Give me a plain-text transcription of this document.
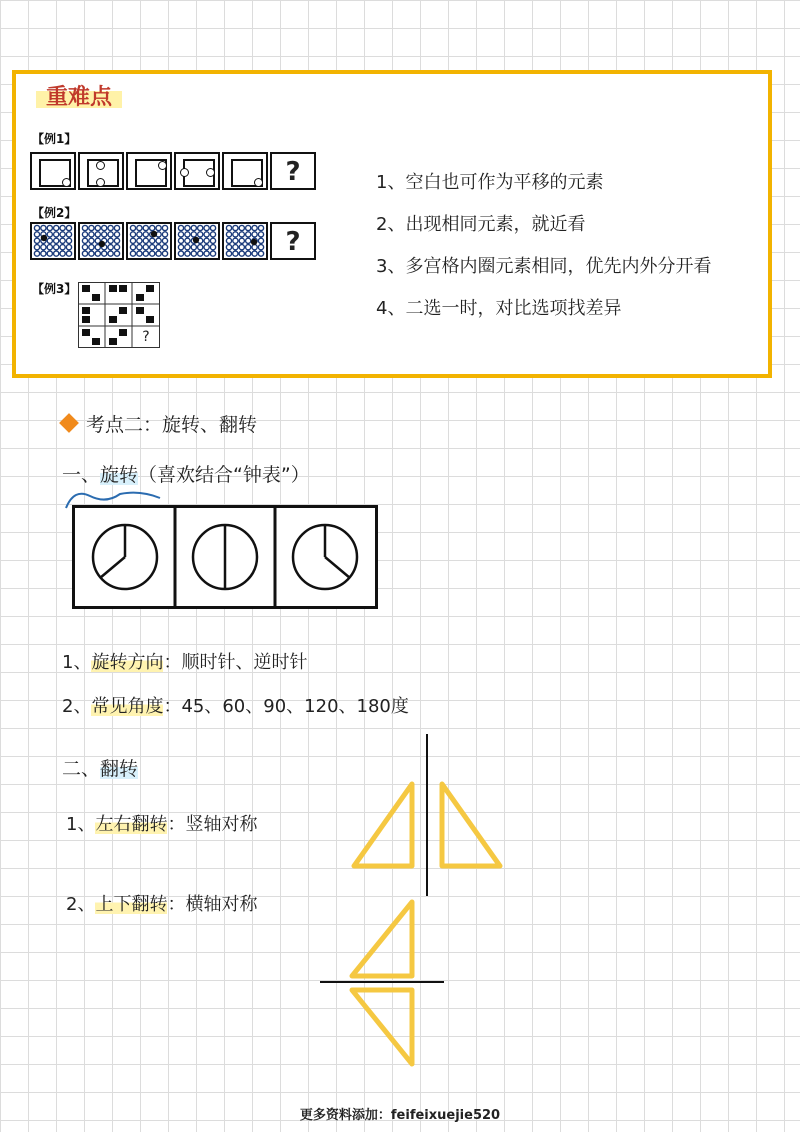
重难点
【例1】
?
【例2】
?
【例3】
?
1、空白也可作为平移的元素
2、出现相同元素，就近看
3、多宫格内圈元素相同，优先内外分开看
4、二选一时，对比选项找差异
考点二：旋转、翻转
一、旋转（喜欢结合“钟表”）
1、旋转方向：顺时针、逆时针
2、常见角度：45、60、90、120、180度
二、翻转
1、左右翻转：竖轴对称
2、上下翻转：横轴对称
更多资料添加：feifeixuejie520
